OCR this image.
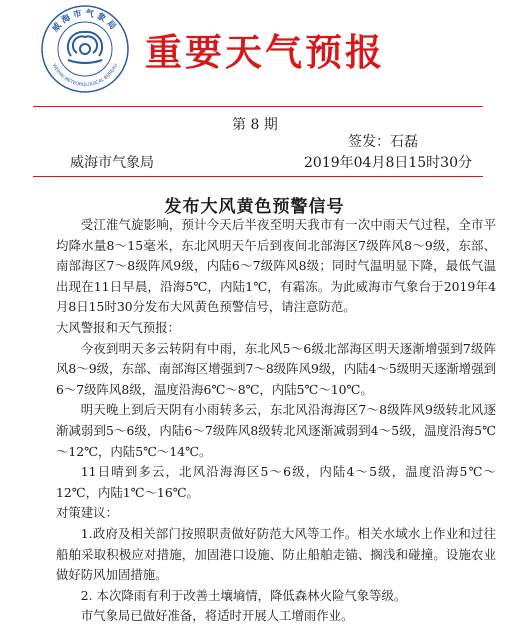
威海市气象局
WEIHAI METEOROLOGICAL BUREAU 重要天气预报
第 8 期
签发：石磊
威海市气象局	2019年04月8日15时30分
发布大风黄色预警信号

受江淮气旋影响，预计今天后半夜至明天我市有一次中雨天气过程，全市平均降水量8～15毫米，东北风明天午后到夜间北部海区7级阵风8～9级，东部、南部海区7～8级阵风9级，内陆6～7级阵风8级；同时气温明显下降，最低气温出现在11日早晨，沿海5℃，内陆1℃，有霜冻。为此威海市气象台于2019年4月8日15时30分发布大风黄色预警信号，请注意防范。

大风警报和天气预报：

今夜到明天多云转阴有中雨，东北风5～6级北部海区明天逐渐增强到7级阵风8～9级，东部、南部海区增强到7～8级阵风9级，内陆4～5级明天逐渐增强到6～7级阵风8级，温度沿海6℃～8℃，内陆5℃～10℃。

明天晚上到后天阴有小雨转多云，东北风沿海海区7～8级阵风9级转北风逐渐减弱到5～6级，内陆6～7级阵风8级转北风逐渐减弱到4～5级，温度沿海5℃～12℃，内陆5℃～14℃。

11日晴到多云，北风沿海海区5～6级，内陆4～5级，温度沿海5℃～12℃，内陆1℃～16℃。

对策建议：

1.政府及相关部门按照职责做好防范大风等工作。相关水域水上作业和过往船舶采取积极应对措施，加固港口设施、防止船舶走锚、搁浅和碰撞。设施农业做好防风加固措施。

2. 本次降雨有利于改善土壤墒情，降低森林火险气象等级。

市气象局已做好准备，将适时开展人工增雨作业。
